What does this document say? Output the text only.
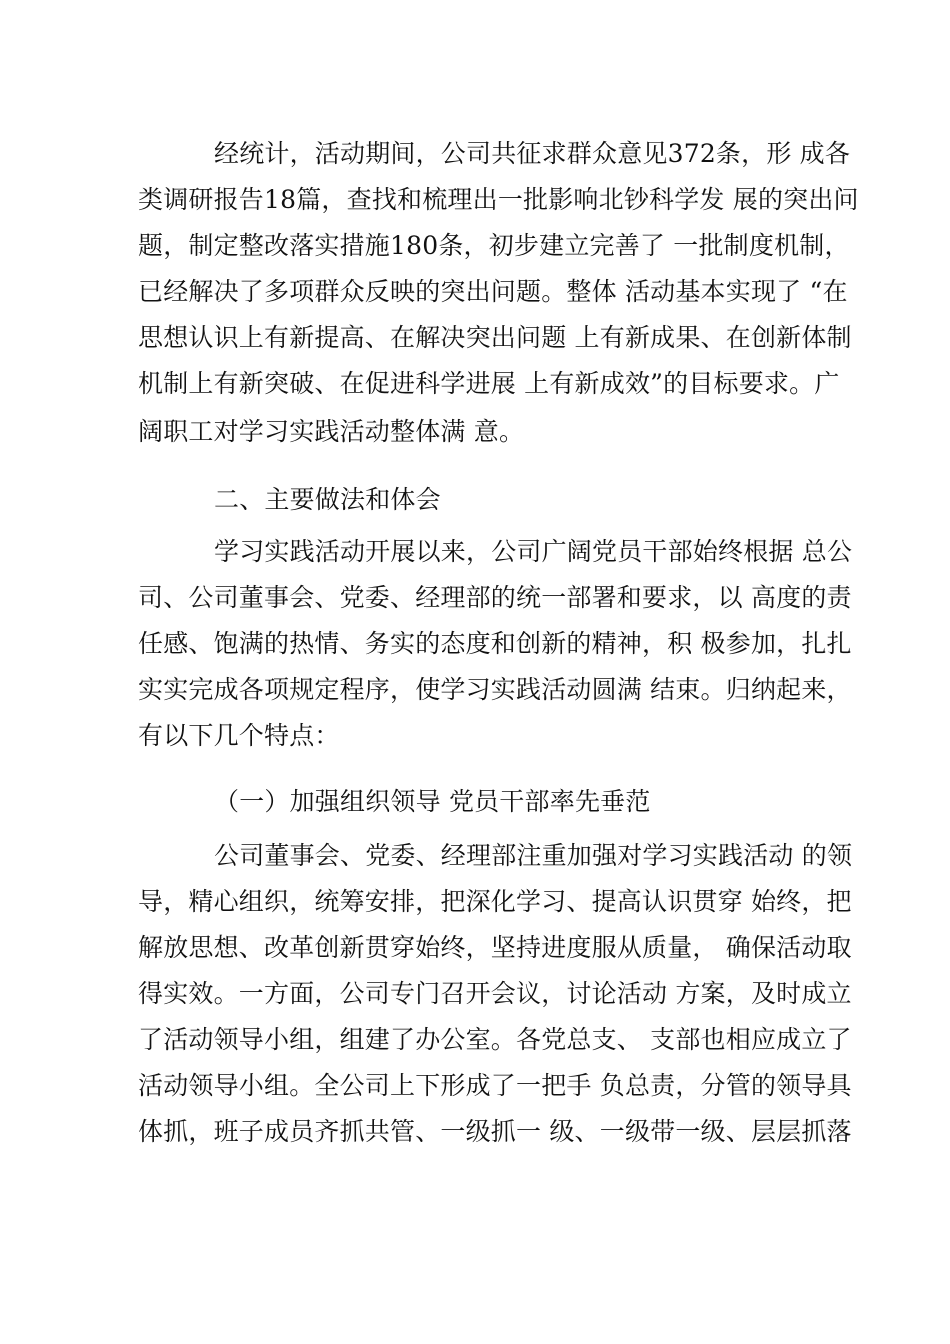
经统计，活动期间，公司共征求群众意见372条，形 成各
类调研报告18篇，查找和梳理出一批影响北钞科学发 展的突出问
题，制定整改落实措施180条，初步建立完善了 一批制度机制，
已经解决了多项群众反映的突出问题。整体 活动基本实现了 “在
思想认识上有新提高、在解决突出问题 上有新成果、在创新体制
机制上有新突破、在促进科学进展 上有新成效”的目标要求。广
阔职工对学习实践活动整体满 意。
二、主要做法和体会
学习实践活动开展以来，公司广阔党员干部始终根据 总公
司、公司董事会、党委、经理部的统一部署和要求，以 高度的责
任感、饱满的热情、务实的态度和创新的精神，积 极参加，扎扎
实实完成各项规定程序，使学习实践活动圆满 结束。归纳起来，
有以下几个特点：
（一）加强组织领导 党员干部率先垂范
公司董事会、党委、经理部注重加强对学习实践活动 的领
导，精心组织，统筹安排，把深化学习、提高认识贯穿 始终，把
解放思想、改革创新贯穿始终，坚持进度服从质量， 确保活动取
得实效。一方面，公司专门召开会议，讨论活动 方案，及时成立
了活动领导小组，组建了办公室。各党总支、 支部也相应成立了
活动领导小组。全公司上下形成了一把手 负总责，分管的领导具
体抓，班子成员齐抓共管、一级抓一 级、一级带一级、层层抓落
